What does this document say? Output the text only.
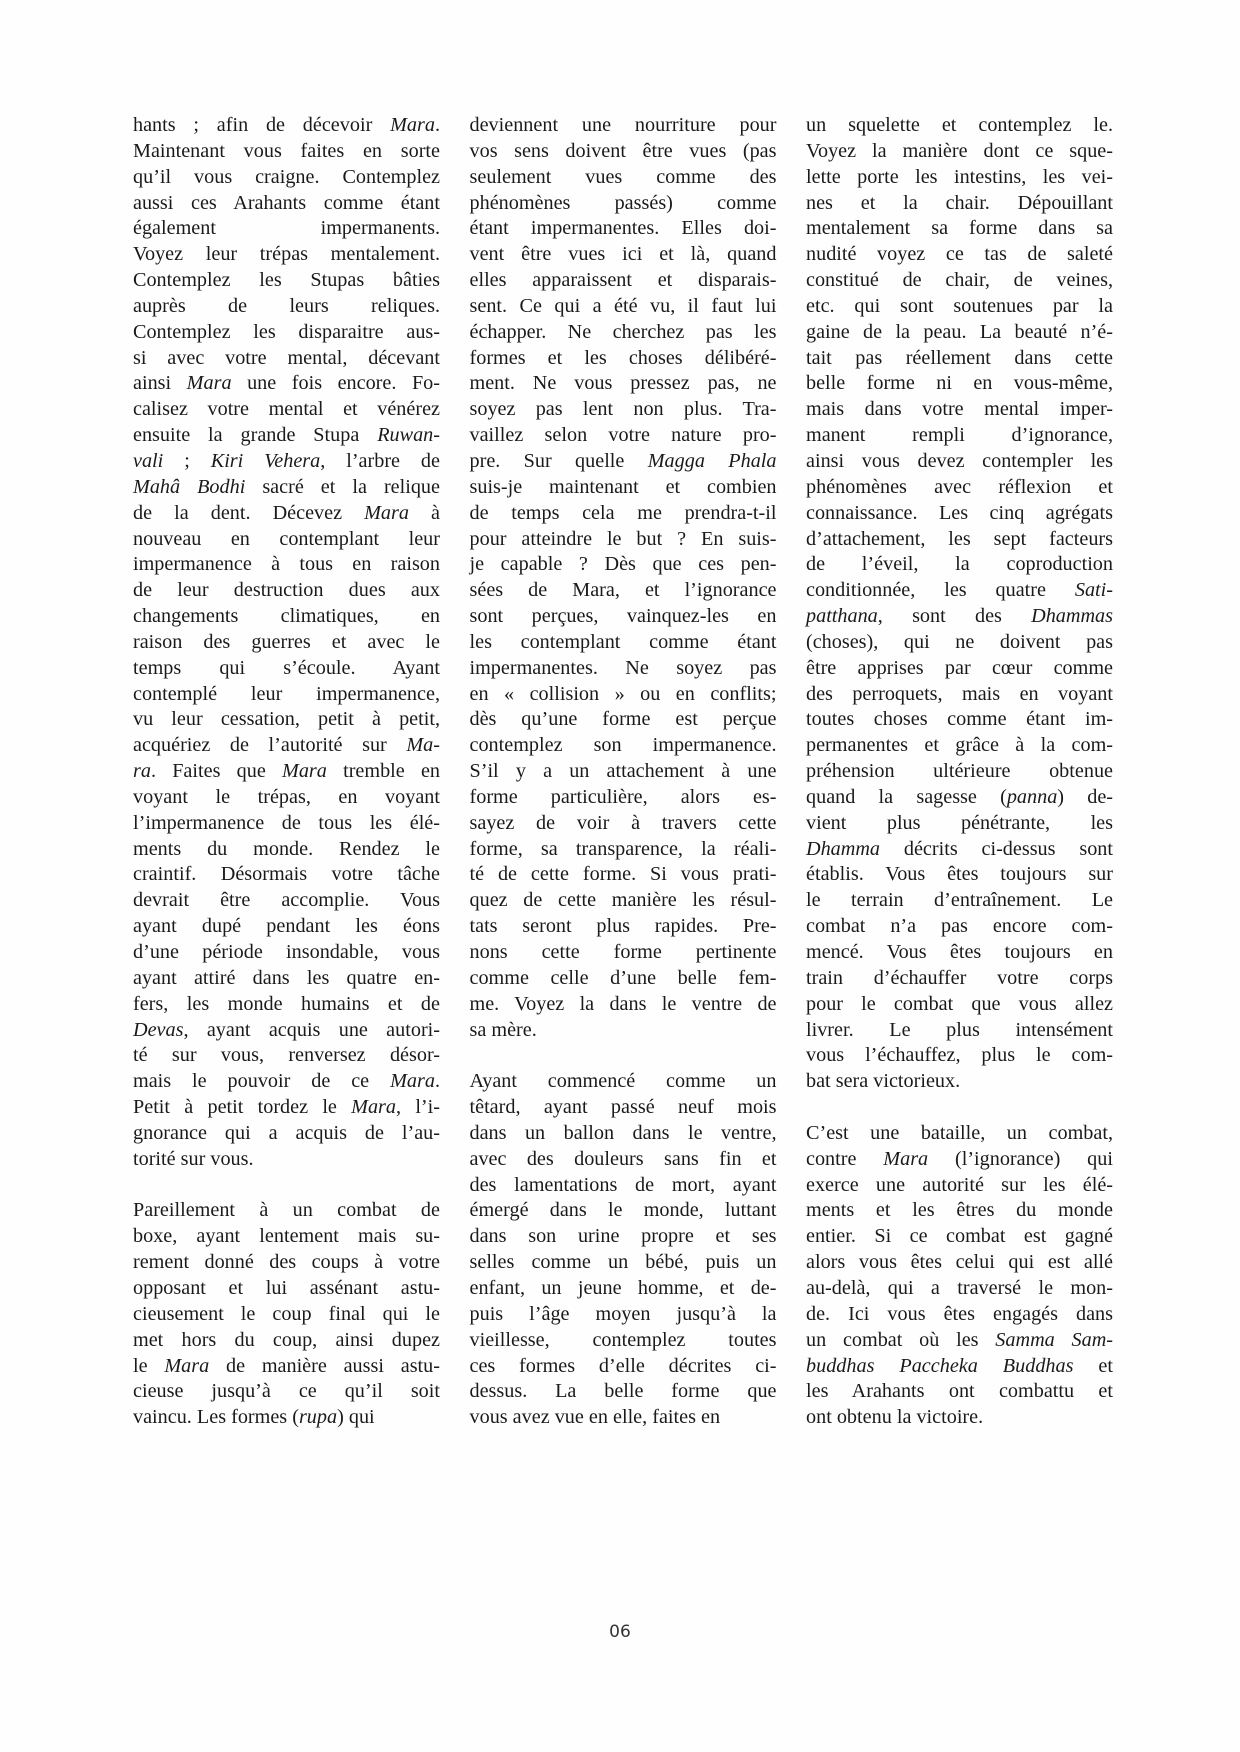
hants ; afin de décevoir Mara.
Maintenant vous faites en sorte
qu’il vous craigne. Contemplez
aussi ces Arahants comme étant
également impermanents.
Voyez leur trépas mentalement.
Contemplez les Stupas bâties
auprès de leurs reliques.
Contemplez les disparaitre aus-
si avec votre mental, décevant
ainsi Mara une fois encore. Fo-
calisez votre mental et vénérez
ensuite la grande Stupa Ruwan-
vali ; Kiri Vehera, l’arbre de
Mahâ Bodhi sacré et la relique
de la dent. Décevez Mara à
nouveau en contemplant leur
impermanence à tous en raison
de leur destruction dues aux
changements climatiques, en
raison des guerres et avec le
temps qui s’écoule. Ayant
contemplé leur impermanence,
vu leur cessation, petit à petit,
acquériez de l’autorité sur Ma-
ra. Faites que Mara tremble en
voyant le trépas, en voyant
l’impermanence de tous les élé-
ments du monde. Rendez le
craintif. Désormais votre tâche
devrait être accomplie. Vous
ayant dupé pendant les éons
d’une période insondable, vous
ayant attiré dans les quatre en-
fers, les monde humains et de
Devas, ayant acquis une autori-
té sur vous, renversez désor-
mais le pouvoir de ce Mara.
Petit à petit tordez le Mara, l’i-
gnorance qui a acquis de l’au-
torité sur vous.

Pareillement à un combat de
boxe, ayant lentement mais su-
rement donné des coups à votre
opposant et lui assénant astu-
cieusement le coup final qui le
met hors du coup, ainsi dupez
le Mara de manière aussi astu-
cieuse jusqu’à ce qu’il soit
vaincu. Les formes (rupa) qui

deviennent une nourriture pour
vos sens doivent être vues (pas
seulement vues comme des
phénomènes passés) comme
étant impermanentes. Elles doi-
vent être vues ici et là, quand
elles apparaissent et disparais-
sent. Ce qui a été vu, il faut lui
échapper. Ne cherchez pas les
formes et les choses délibéré-
ment. Ne vous pressez pas, ne
soyez pas lent non plus. Tra-
vaillez selon votre nature pro-
pre. Sur quelle Magga Phala
suis-je maintenant et combien
de temps cela me prendra-t-il
pour atteindre le but ? En suis-
je capable ? Dès que ces pen-
sées de Mara, et l’ignorance
sont perçues, vainquez-les en
les contemplant comme étant
impermanentes. Ne soyez pas
en « collision » ou en conflits;
dès qu’une forme est perçue
contemplez son impermanence.
S’il y a un attachement à une
forme particulière, alors es-
sayez de voir à travers cette
forme, sa transparence, la réali-
té de cette forme. Si vous prati-
quez de cette manière les résul-
tats seront plus rapides. Pre-
nons cette forme pertinente
comme celle d’une belle fem-
me. Voyez la dans le ventre de
sa mère.

Ayant commencé comme un
têtard, ayant passé neuf mois
dans un ballon dans le ventre,
avec des douleurs sans fin et
des lamentations de mort, ayant
émergé dans le monde, luttant
dans son urine propre et ses
selles comme un bébé, puis un
enfant, un jeune homme, et de-
puis l’âge moyen jusqu’à la
vieillesse, contemplez toutes
ces formes d’elle décrites ci-
dessus. La belle forme que
vous avez vue en elle, faites en

un squelette et contemplez le.
Voyez la manière dont ce sque-
lette porte les intestins, les vei-
nes et la chair. Dépouillant
mentalement sa forme dans sa
nudité voyez ce tas de saleté
constitué de chair, de veines,
etc. qui sont soutenues par la
gaine de la peau. La beauté n’é-
tait pas réellement dans cette
belle forme ni en vous-même,
mais dans votre mental imper-
manent rempli d’ignorance,
ainsi vous devez contempler les
phénomènes avec réflexion et
connaissance. Les cinq agrégats
d’attachement, les sept facteurs
de l’éveil, la coproduction
conditionnée, les quatre Sati-
patthana, sont des Dhammas
(choses), qui ne doivent pas
être apprises par cœur comme
des perroquets, mais en voyant
toutes choses comme étant im-
permanentes et grâce à la com-
préhension ultérieure obtenue
quand la sagesse (panna) de-
vient plus pénétrante, les
Dhamma décrits ci-dessus sont
établis. Vous êtes toujours sur
le terrain d’entraînement. Le
combat n’a pas encore com-
mencé. Vous êtes toujours en
train d’échauffer votre corps
pour le combat que vous allez
livrer. Le plus intensément
vous l’échauffez, plus le com-
bat sera victorieux.

C’est une bataille, un combat,
contre Mara (l’ignorance) qui
exerce une autorité sur les élé-
ments et les êtres du monde
entier. Si ce combat est gagné
alors vous êtes celui qui est allé
au-delà, qui a traversé le mon-
de. Ici vous êtes engagés dans
un combat où les Samma Sam-
buddhas Paccheka Buddhas et
les Arahants ont combattu et
ont obtenu la victoire.

06
